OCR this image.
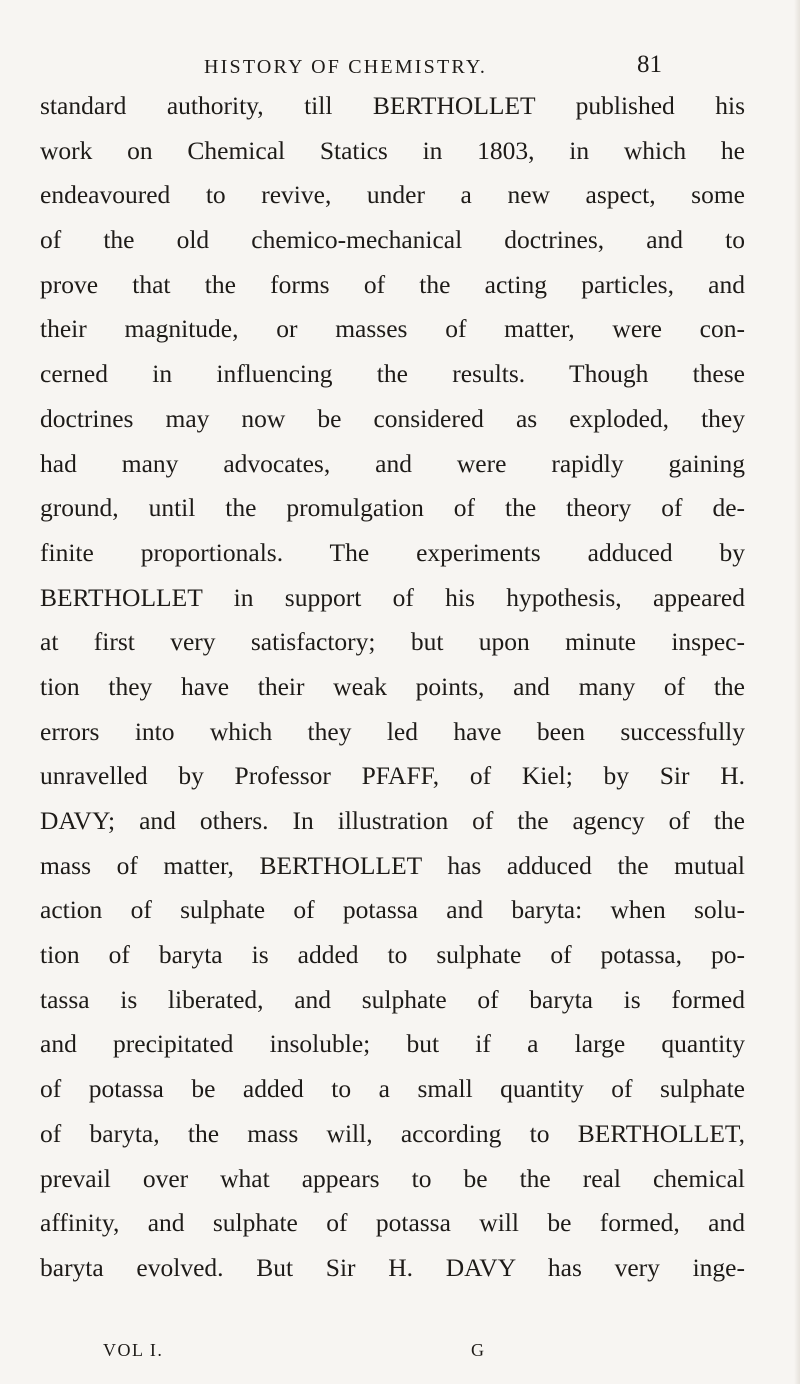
HISTORY OF CHEMISTRY.	81
standard authority, till BERTHOLLET published his
work on Chemical Statics in 1803, in which he
endeavoured to revive, under a new aspect, some
of the old chemico-mechanical doctrines, and to
prove that the forms of the acting particles, and
their magnitude, or masses of matter, were con-
cerned in influencing the results. Though these
doctrines may now be considered as exploded, they
had many advocates, and were rapidly gaining
ground, until the promulgation of the theory of de-
finite proportionals. The experiments adduced by
BERTHOLLET in support of his hypothesis, appeared
at first very satisfactory; but upon minute inspec-
tion they have their weak points, and many of the
errors into which they led have been successfully
unravelled by Professor PFAFF, of Kiel; by Sir H.
DAVY; and others. In illustration of the agency of the
mass of matter, BERTHOLLET has adduced the mutual
action of sulphate of potassa and baryta: when solu-
tion of baryta is added to sulphate of potassa, po-
tassa is liberated, and sulphate of baryta is formed
and precipitated insoluble; but if a large quantity
of potassa be added to a small quantity of sulphate
of baryta, the mass will, according to BERTHOLLET,
prevail over what appears to be the real chemical
affinity, and sulphate of potassa will be formed, and
baryta evolved. But Sir H. DAVY has very inge-
VOL I.	G
